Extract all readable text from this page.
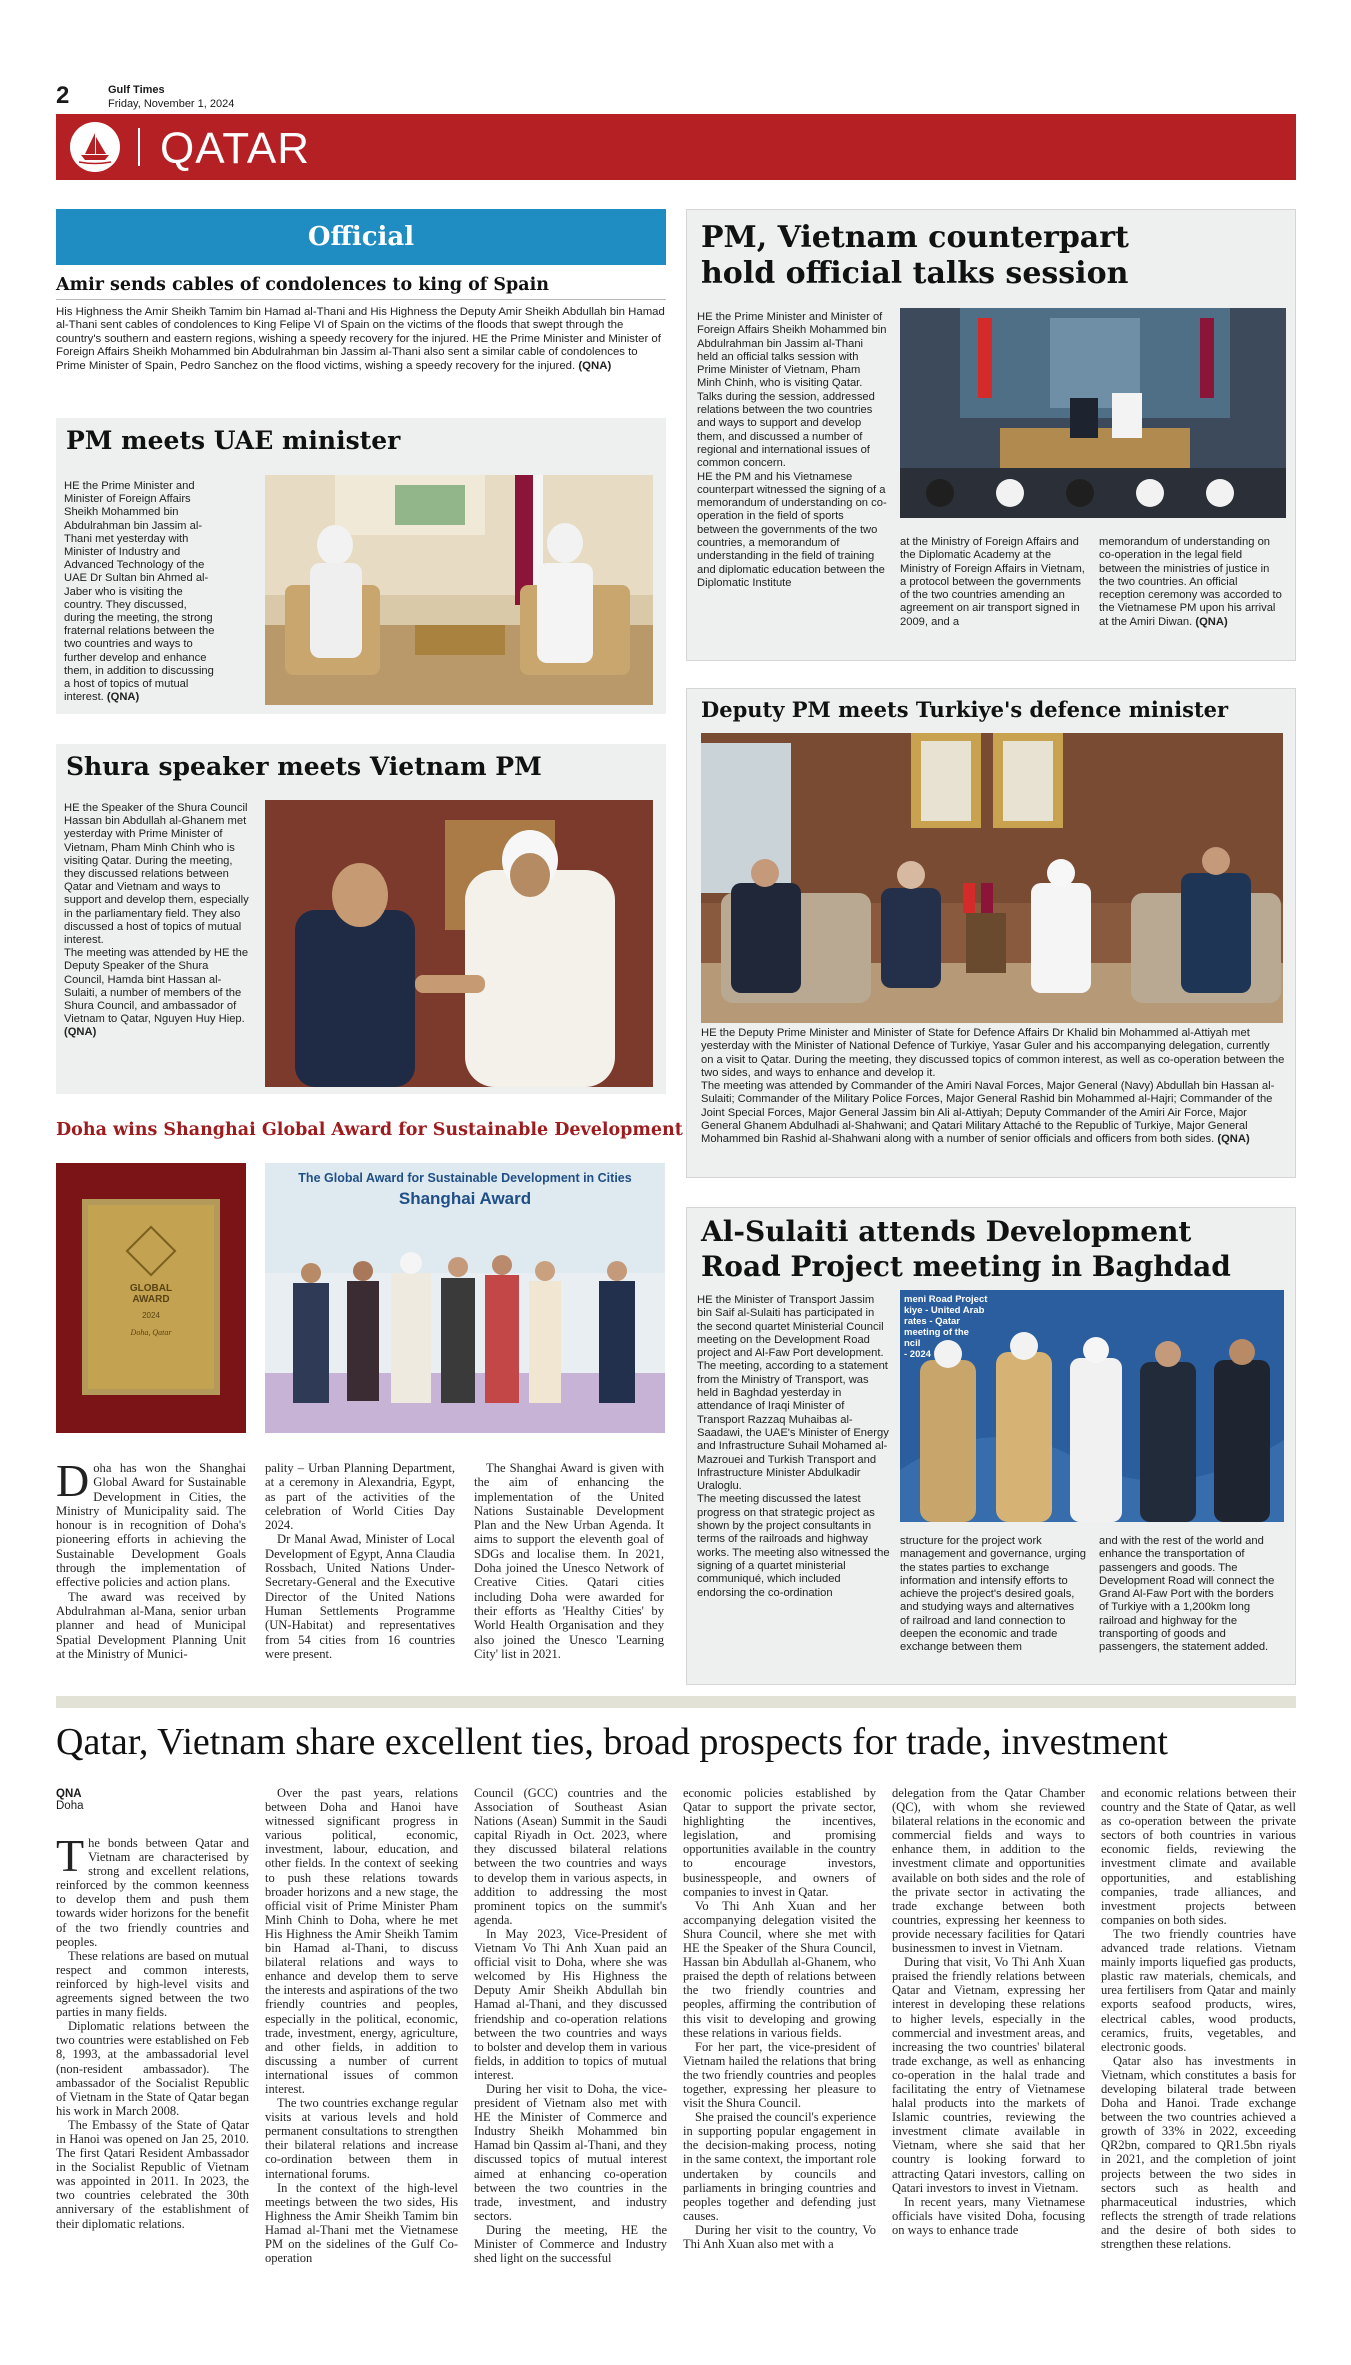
2	Gulf Times
Friday, November 1, 2024
QATAR
Official
Amir sends cables of condolences to king of Spain
His Highness the Amir Sheikh Tamim bin Hamad al-Thani and His Highness the Deputy Amir Sheikh Abdullah bin Hamad al-Thani sent cables of condolences to King Felipe VI of Spain on the victims of the floods that swept through the country's southern and eastern regions, wishing a speedy recovery for the injured. HE the Prime Minister and Minister of Foreign Affairs Sheikh Mohammed bin Abdulrahman bin Jassim al-Thani also sent a similar cable of condolences to Prime Minister of Spain, Pedro Sanchez on the flood victims, wishing a speedy recovery for the injured. (QNA)
PM meets UAE minister
HE the Prime Minister and Minister of Foreign Affairs Sheikh Mohammed bin Abdulrahman bin Jassim al-Thani met yesterday with Minister of Industry and Advanced Technology of the UAE Dr Sultan bin Ahmed al-Jaber who is visiting the country. They discussed, during the meeting, the strong fraternal relations between the two countries and ways to further develop and enhance them, in addition to discussing a host of topics of mutual interest. (QNA)
Shura speaker meets Vietnam PM
HE the Speaker of the Shura Council Hassan bin Abdullah al-Ghanem met yesterday with Prime Minister of Vietnam, Pham Minh Chinh who is visiting Qatar. During the meeting, they discussed relations between Qatar and Vietnam and ways to support and develop them, especially in the parliamentary field. They also discussed a host of topics of mutual interest.
The meeting was attended by HE the Deputy Speaker of the Shura Council, Hamda bint Hassan al-Sulaiti, a number of members of the Shura Council, and ambassador of Vietnam to Qatar, Nguyen Huy Hiep. (QNA)
Doha wins Shanghai Global Award for Sustainable Development
GLOBAL
AWARD
2024
Doha, Qatar
The Global Award for Sustainable Development in Cities
Shanghai Award
D oha has won the Shanghai Global Award for Sustainable Development in Cities, the Ministry of Municipality said. The honour is in recognition of Doha's pioneering efforts in achieving the Sustainable Development Goals through the implementation of effective policies and action plans.

The award was received by Abdulrahman al-Mana, senior urban planner and head of Municipal Spatial Development Planning Unit at the Ministry of Munici-

pality – Urban Planning Department, at a ceremony in Alexandria, Egypt, as part of the activities of the celebration of World Cities Day 2024.

Dr Manal Awad, Minister of Local Development of Egypt, Anna Claudia Rossbach, United Nations Under-Secretary-General and the Executive Director of the United Nations Human Settlements Programme (UN-Habitat) and representatives from 54 cities from 16 countries were present.

The Shanghai Award is given with the aim of enhancing the implementation of the United Nations Sustainable Development Plan and the New Urban Agenda. It aims to support the eleventh goal of SDGs and localise them. In 2021, Doha joined the Unesco Network of Creative Cities. Qatari cities including Doha were awarded for their efforts as 'Healthy Cities' by World Health Organisation and they also joined the Unesco 'Learning City' list in 2021.

PM, Vietnam counterpart
hold official talks session
HE the Prime Minister and Minister of Foreign Affairs Sheikh Mohammed bin Abdulrahman bin Jassim al-Thani held an official talks session with Prime Minister of Vietnam, Pham Minh Chinh, who is visiting Qatar. Talks during the session, addressed relations between the two countries and ways to support and develop them, and discussed a number of regional and international issues of common concern.
HE the PM and his Vietnamese counterpart witnessed the signing of a memorandum of understanding on co-operation in the field of sports between the governments of the two countries, a memorandum of understanding in the field of training and diplomatic education between the Diplomatic Institute
at the Ministry of Foreign Affairs and the Diplomatic Academy at the Ministry of Foreign Affairs in Vietnam, a protocol between the governments of the two countries amending an agreement on air transport signed in 2009, and a
memorandum of understanding on co-operation in the legal field between the ministries of justice in the two countries. An official reception ceremony was accorded to the Vietnamese PM upon his arrival at the Amiri Diwan. (QNA)
Deputy PM meets Turkiye's defence minister
HE the Deputy Prime Minister and Minister of State for Defence Affairs Dr Khalid bin Mohammed al-Attiyah met yesterday with the Minister of National Defence of Turkiye, Yasar Guler and his accompanying delegation, currently on a visit to Qatar. During the meeting, they discussed topics of common interest, as well as co-operation between the two sides, and ways to enhance and develop it.
The meeting was attended by Commander of the Amiri Naval Forces, Major General (Navy) Abdullah bin Hassan al-Sulaiti; Commander of the Military Police Forces, Major General Rashid bin Mohammed al-Hajri; Commander of the Joint Special Forces, Major General Jassim bin Ali al-Attiyah; Deputy Commander of the Amiri Air Force, Major General Ghanem Abdulhadi al-Shahwani; and Qatari Military Attaché to the Republic of Turkiye, Major General Mohammed bin Rashid al-Shahwani along with a number of senior officials and officers from both sides. (QNA)
Al-Sulaiti attends Development
Road Project meeting in Baghdad
HE the Minister of Transport Jassim bin Saif al-Sulaiti has participated in the second quartet Ministerial Council meeting on the Development Road project and Al-Faw Port development. The meeting, according to a statement from the Ministry of Transport, was held in Baghdad yesterday in attendance of Iraqi Minister of Transport Razzaq Muhaibas al-Saadawi, the UAE's Minister of Energy and Infrastructure Suhail Mohamed al-Mazrouei and Turkish Transport and Infrastructure Minister Abdulkadir Uraloglu.
The meeting discussed the latest progress on that strategic project as shown by the project consultants in terms of the railroads and highway works. The meeting also witnessed the signing of a quartet ministerial communiqué, which included endorsing the co-ordination
meni Road Project
kiye - United Arab
rates - Qatar
meeting of the
ncil
- 2024
structure for the project work management and governance, urging the states parties to exchange information and intensify efforts to achieve the project's desired goals, and studying ways and alternatives of railroad and land connection to deepen the economic and trade exchange between them
and with the rest of the world and enhance the transportation of passengers and goods. The Development Road will connect the Grand Al-Faw Port with the borders of Turkiye with a 1,200km long railroad and highway for the transporting of goods and passengers, the statement added.
Qatar, Vietnam share excellent ties, broad prospects for trade, investment
QNA
Doha
T he bonds between Qatar and Vietnam are characterised by strong and excellent relations, reinforced by the common keenness to develop them and push them towards wider horizons for the benefit of the two friendly countries and peoples.

These relations are based on mutual respect and common interests, reinforced by high-level visits and agreements signed between the two parties in many fields.

Diplomatic relations between the two countries were established on Feb 8, 1993, at the ambassadorial level (non-resident ambassador). The ambassador of the Socialist Republic of Vietnam in the State of Qatar began his work in March 2008.

The Embassy of the State of Qatar in Hanoi was opened on Jan 25, 2010. The first Qatari Resident Ambassador in the Socialist Republic of Vietnam was appointed in 2011. In 2023, the two countries celebrated the 30th anniversary of the establishment of their diplomatic relations.

Over the past years, relations between Doha and Hanoi have witnessed significant progress in various political, economic, investment, labour, education, and other fields. In the context of seeking to push these relations towards broader horizons and a new stage, the official visit of Prime Minister Pham Minh Chinh to Doha, where he met His Highness the Amir Sheikh Tamim bin Hamad al-Thani, to discuss bilateral relations and ways to enhance and develop them to serve the interests and aspirations of the two friendly countries and peoples, especially in the political, economic, trade, investment, energy, agriculture, and other fields, in addition to discussing a number of current international issues of common interest.

The two countries exchange regular visits at various levels and hold permanent consultations to strengthen their bilateral relations and increase co-ordination between them in international forums.

In the context of the high-level meetings between the two sides, His Highness the Amir Sheikh Tamim bin Hamad al-Thani met the Vietnamese PM on the sidelines of the Gulf Co-operation

Council (GCC) countries and the Association of Southeast Asian Nations (Asean) Summit in the Saudi capital Riyadh in Oct. 2023, where they discussed bilateral relations between the two countries and ways to develop them in various aspects, in addition to addressing the most prominent topics on the summit's agenda.

In May 2023, Vice-President of Vietnam Vo Thi Anh Xuan paid an official visit to Doha, where she was welcomed by His Highness the Deputy Amir Sheikh Abdullah bin Hamad al-Thani, and they discussed friendship and co-operation relations between the two countries and ways to bolster and develop them in various fields, in addition to topics of mutual interest.

During her visit to Doha, the vice-president of Vietnam also met with HE the Minister of Commerce and Industry Sheikh Mohammed bin Hamad bin Qassim al-Thani, and they discussed topics of mutual interest aimed at enhancing co-operation between the two countries in the trade, investment, and industry sectors.

During the meeting, HE the Minister of Commerce and Industry shed light on the successful

economic policies established by Qatar to support the private sector, highlighting the incentives, legislation, and promising opportunities available in the country to encourage investors, businesspeople, and owners of companies to invest in Qatar.

Vo Thi Anh Xuan and her accompanying delegation visited the Shura Council, where she met with HE the Speaker of the Shura Council, Hassan bin Abdullah al-Ghanem, who praised the depth of relations between the two friendly countries and peoples, affirming the contribution of this visit to developing and growing these relations in various fields.

For her part, the vice-president of Vietnam hailed the relations that bring the two friendly countries and peoples together, expressing her pleasure to visit the Shura Council.

She praised the council's experience in supporting popular engagement in the decision-making process, noting in the same context, the important role undertaken by councils and parliaments in bringing countries and peoples together and defending just causes.

During her visit to the country, Vo Thi Anh Xuan also met with a

delegation from the Qatar Chamber (QC), with whom she reviewed bilateral relations in the economic and commercial fields and ways to enhance them, in addition to the investment climate and opportunities available on both sides and the role of the private sector in activating the trade exchange between both countries, expressing her keenness to provide necessary facilities for Qatari businessmen to invest in Vietnam.

During that visit, Vo Thi Anh Xuan praised the friendly relations between Qatar and Vietnam, expressing her interest in developing these relations to higher levels, especially in the commercial and investment areas, and increasing the two countries' bilateral trade exchange, as well as enhancing co-operation in the halal trade and facilitating the entry of Vietnamese halal products into the markets of Islamic countries, reviewing the investment climate available in Vietnam, where she said that her country is looking forward to attracting Qatari investors, calling on Qatari investors to invest in Vietnam.

In recent years, many Vietnamese officials have visited Doha, focusing on ways to enhance trade

and economic relations between their country and the State of Qatar, as well as co-operation between the private sectors of both countries in various economic fields, reviewing the investment climate and available opportunities, and establishing companies, trade alliances, and investment projects between companies on both sides.

The two friendly countries have advanced trade relations. Vietnam mainly imports liquefied gas products, plastic raw materials, chemicals, and urea fertilisers from Qatar and mainly exports seafood products, wires, electrical cables, wood products, ceramics, fruits, vegetables, and electronic goods.

Qatar also has investments in Vietnam, which constitutes a basis for developing bilateral trade between Doha and Hanoi. Trade exchange between the two countries achieved a growth of 33% in 2022, exceeding QR2bn, compared to QR1.5bn riyals in 2021, and the completion of joint projects between the two sides in sectors such as health and pharmaceutical industries, which reflects the strength of trade relations and the desire of both sides to strengthen these relations.
